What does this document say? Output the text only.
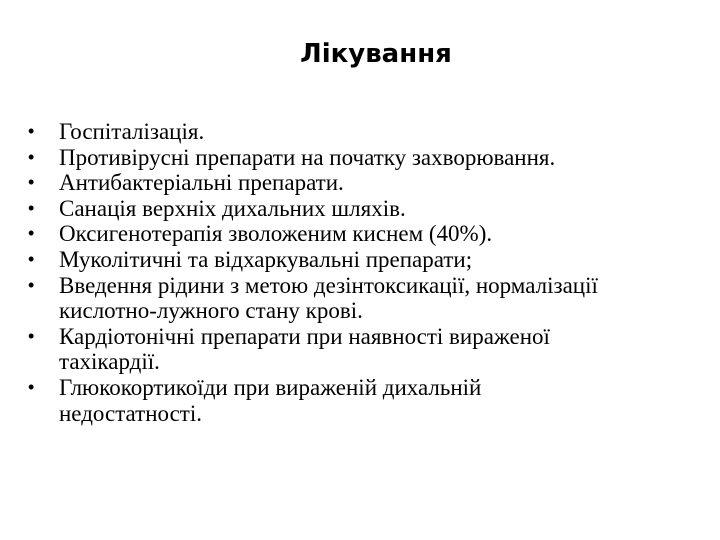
Лікування
• Госпіталізація.
• Противірусні препарати на початку захворювання.
• Антибактеріальні препарати.
• Санація верхніх дихальних шляхів.
• Оксигенотерапія зволоженим киснем (40%).
• Муколітичні та відхаркувальні препарати;
• Введення рідини з метою дезінтоксикації, нормалізації
кислотно-лужного стану крові.
• Кардіотонічні препарати при наявності вираженої
тахікардії.
• Глюкокортикоїди при вираженій дихальній
недостатності.
